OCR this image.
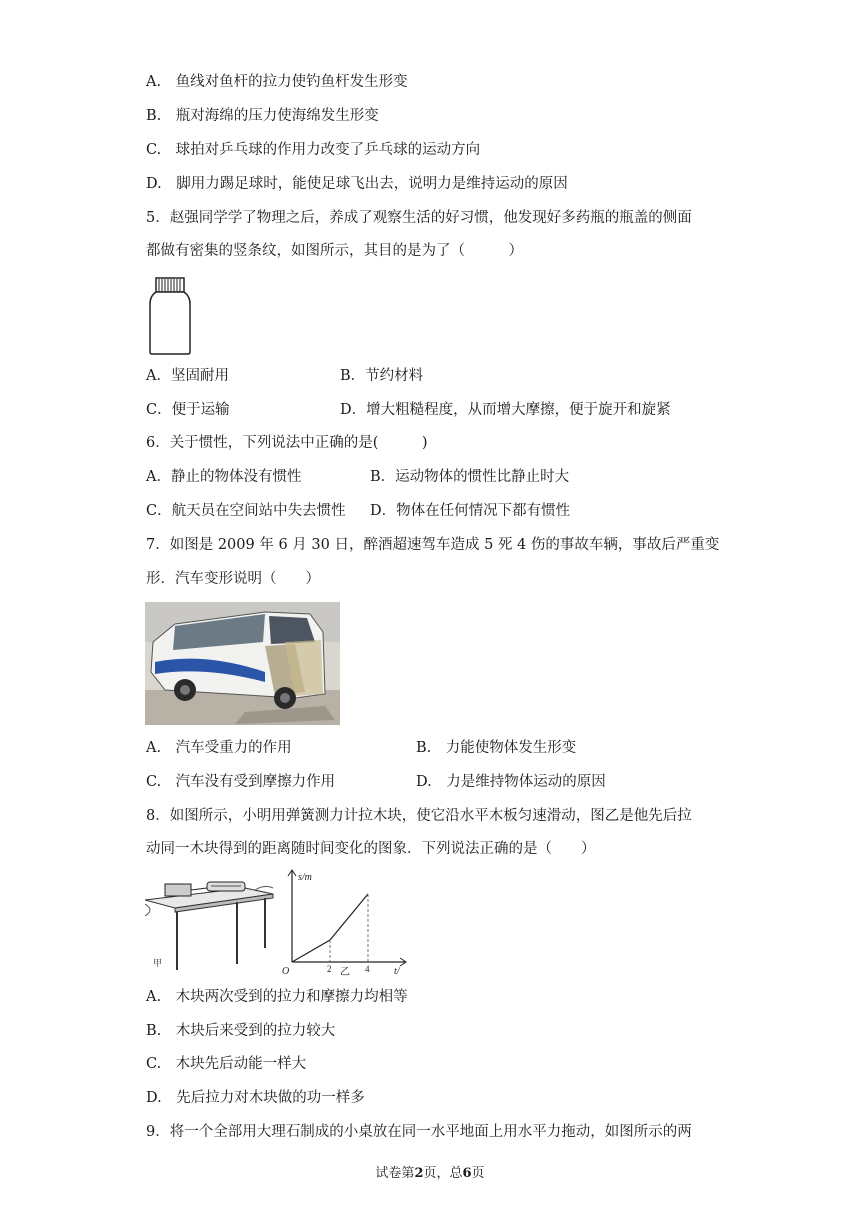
A.　鱼线对鱼杆的拉力使钓鱼杆发生形变
B.　瓶对海绵的压力使海绵发生形变
C.　球拍对乒乓球的作用力改变了乒乓球的运动方向
D.　脚用力踢足球时，能使足球飞出去，说明力是维持运动的原因
5．赵强同学学了物理之后，养成了观察生活的好习惯，他发现好多药瓶的瓶盖的侧面
都做有密集的竖条纹，如图所示，其目的是为了（　　　）
A．坚固耐用	B．节约材料
C．便于运输	D．增大粗糙程度，从而增大摩擦，便于旋开和旋紧
6．关于惯性，下列说法中正确的是(　　　)
A．静止的物体没有惯性	B．运动物体的惯性比静止时大
C．航天员在空间站中失去惯性 D．物体在任何情况下都有惯性
7．如图是 2009 年 6 月 30 日，醉酒超速驾车造成 5 死 4 伤的事故车辆，事故后严重变
形．汽车变形说明（　　）
A.　汽车受重力的作用	B.　力能使物体发生形变
C.　汽车没有受到摩擦力作用	D.　力是维持物体运动的原因
8．如图所示，小明用弹簧测力计拉木块，使它沿水平木板匀速滑动，图乙是他先后拉
动同一木块得到的距离随时间变化的图象．下列说法正确的是（　　）
甲
s/m
O	2	4
乙	t/
A.　木块两次受到的拉力和摩擦力均相等
B.　木块后来受到的拉力较大
C.　木块先后动能一样大
D.　先后拉力对木块做的功一样多
9．将一个全部用大理石制成的小桌放在同一水平地面上用水平力拖动，如图所示的两
试卷第2页，总6页
